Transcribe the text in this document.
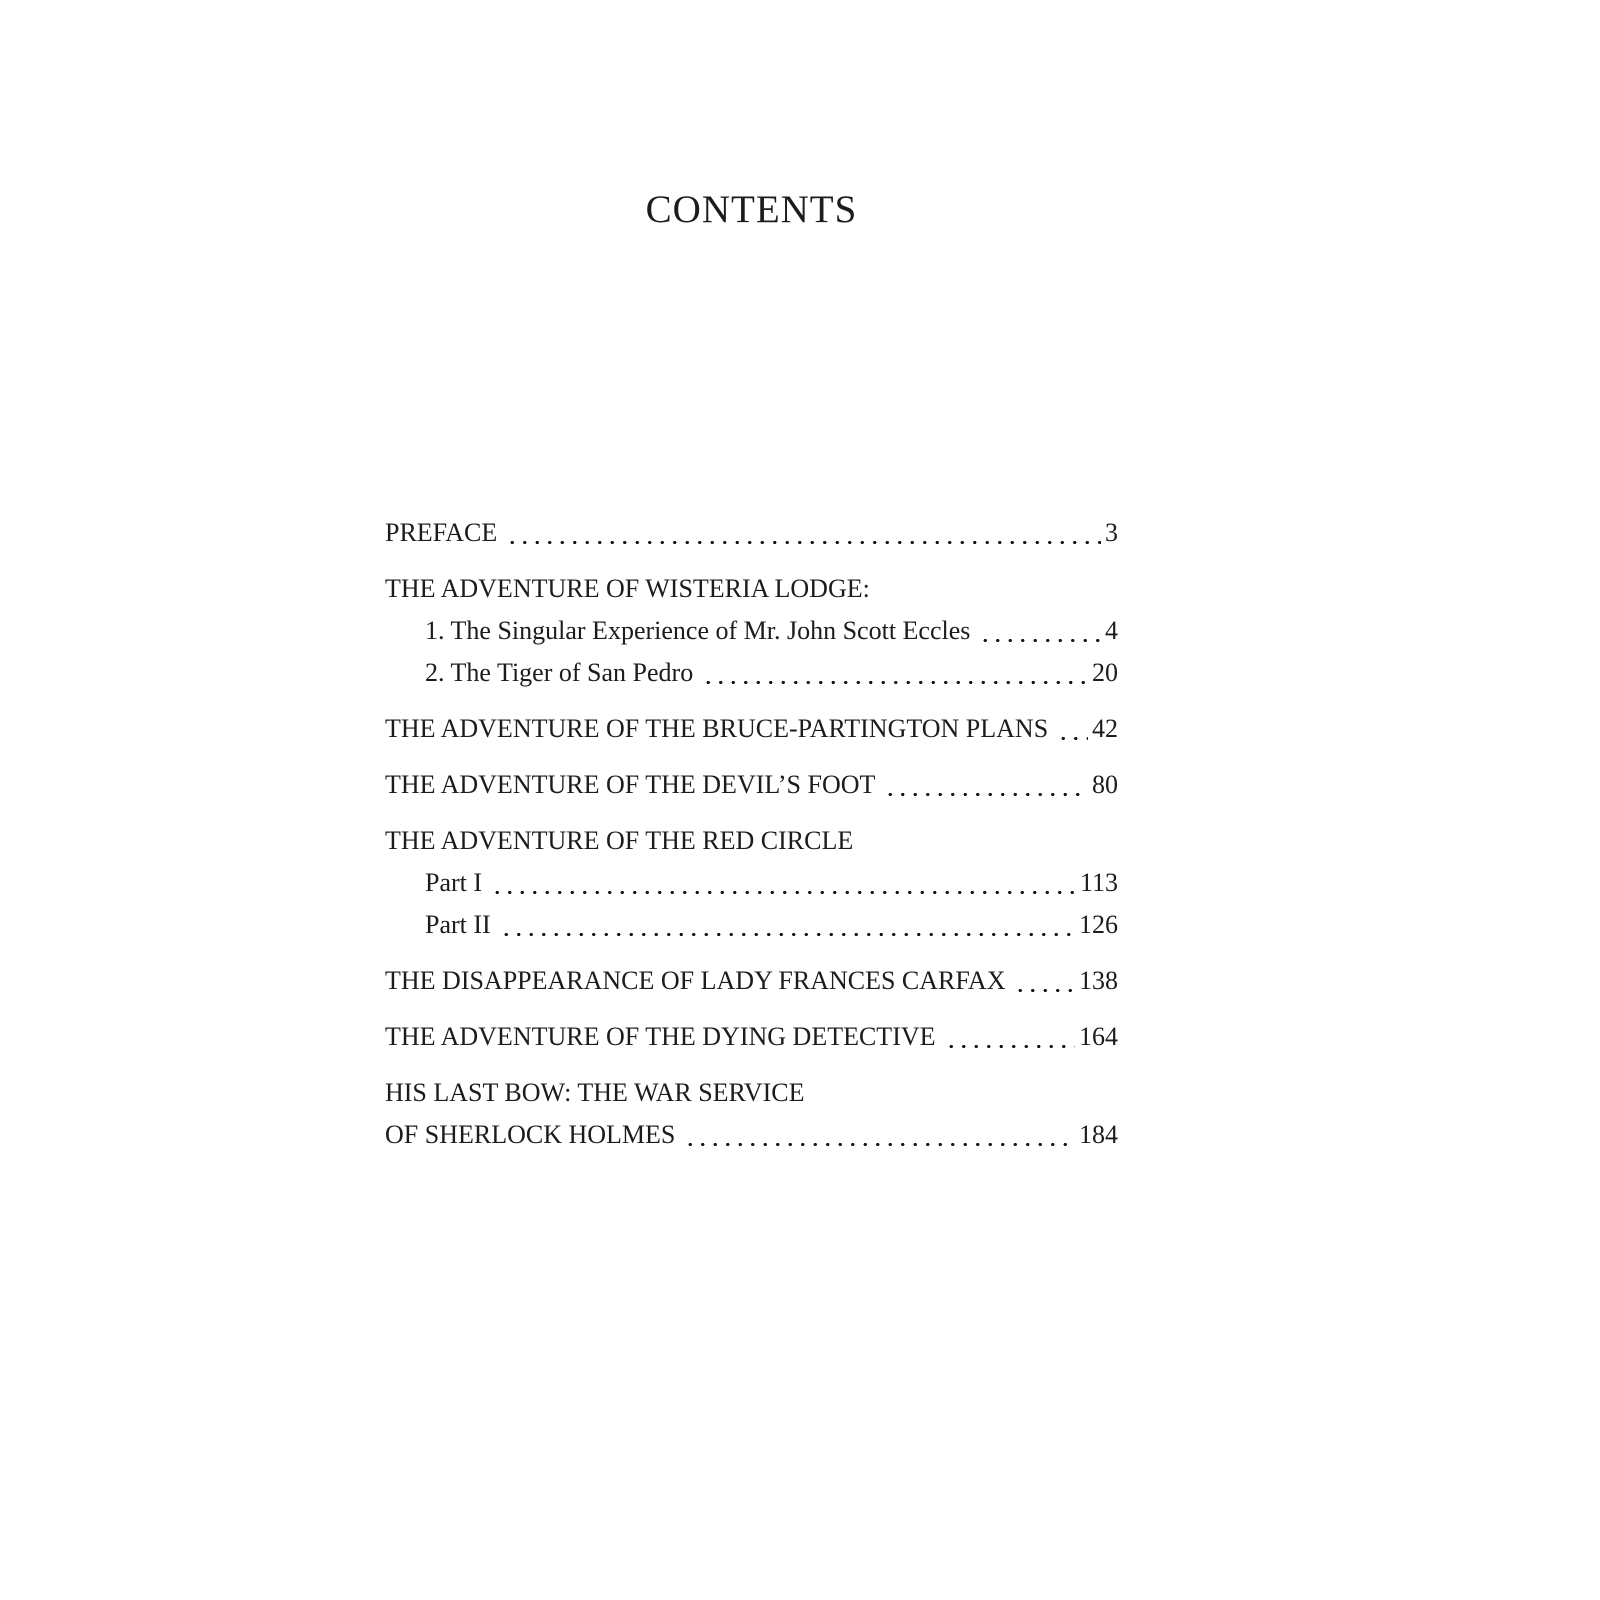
CONTENTS
PREFACE	3
THE ADVENTURE OF WISTERIA LODGE:
1. The Singular Experience of Mr. John Scott Eccles	4
2. The Tiger of San Pedro	20
THE ADVENTURE OF THE BRUCE-PARTINGTON PLANS 42
THE ADVENTURE OF THE DEVIL’S FOOT	80
THE ADVENTURE OF THE RED CIRCLE
Part I	113
Part II	126
THE DISAPPEARANCE OF LADY FRANCES CARFAX	138
THE ADVENTURE OF THE DYING DETECTIVE	164
HIS LAST BOW: THE WAR SERVICE
OF SHERLOCK HOLMES	184
